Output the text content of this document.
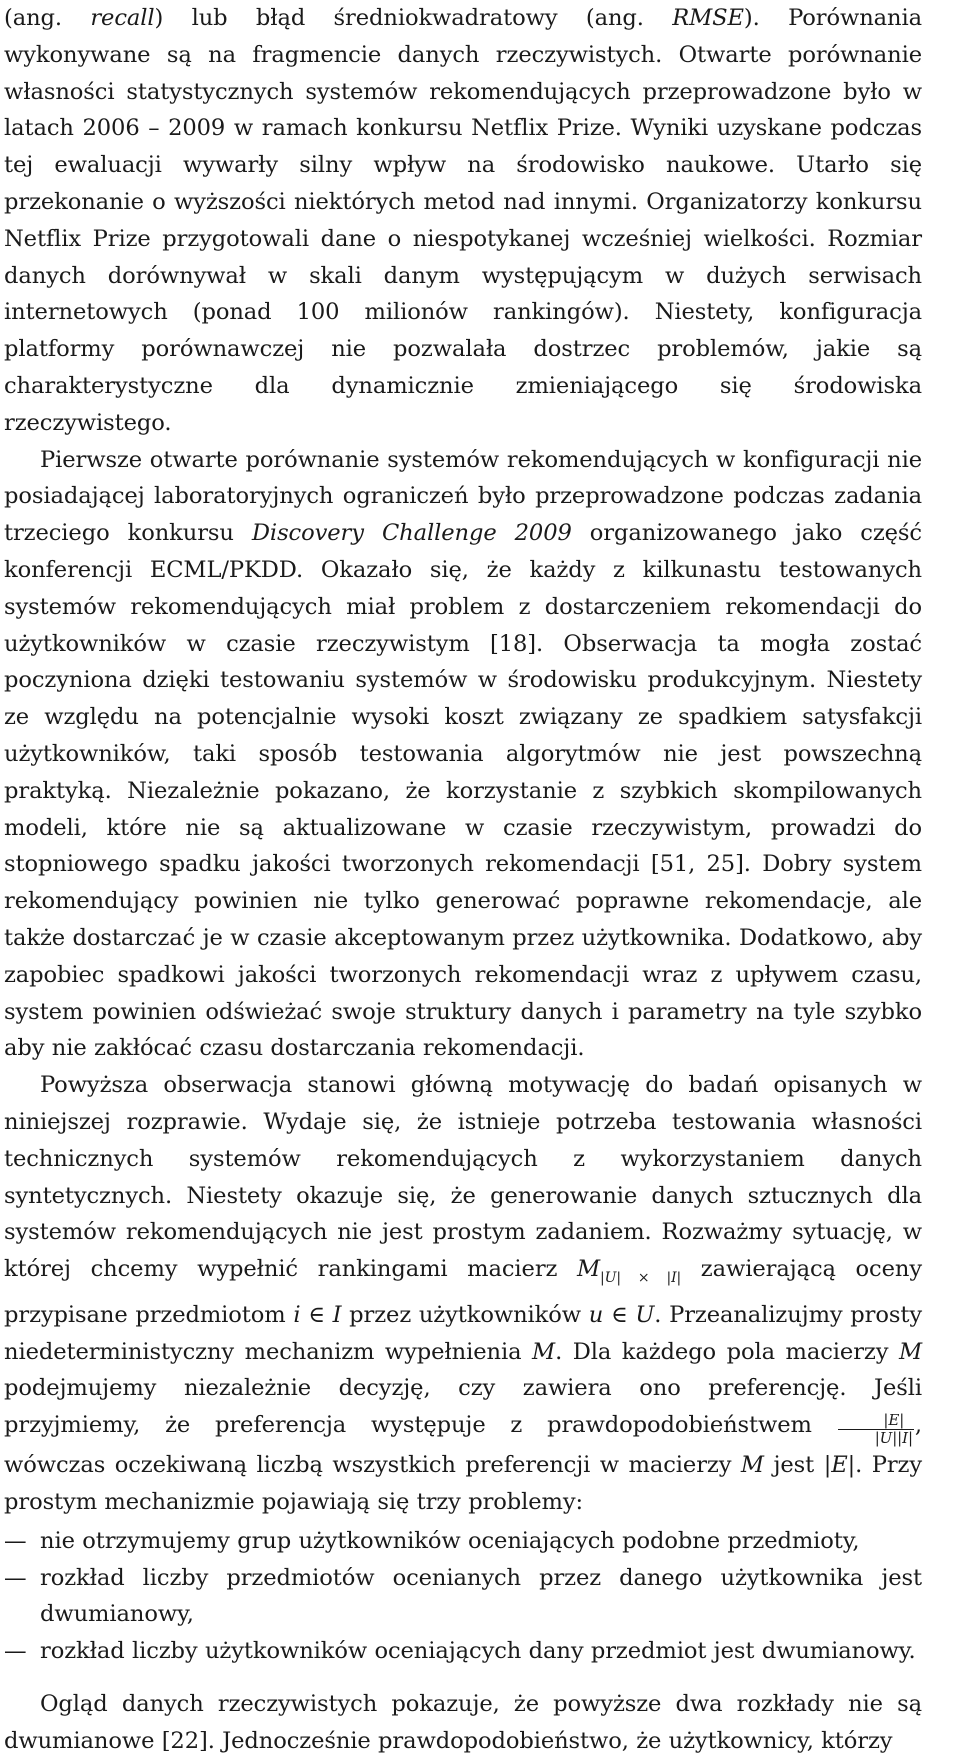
(ang. recall) lub błąd średniokwadratowy (ang. RMSE). Porównania wykonywane są na fragmencie danych rzeczywistych. Otwarte porównanie własności statystycznych systemów rekomendujących przeprowadzone było w latach 2006 – 2009 w ramach konkursu Netflix Prize. Wyniki uzyskane podczas tej ewaluacji wywarły silny wpływ na środowisko naukowe. Utarło się przekonanie o wyższości niektórych metod nad innymi. Organizatorzy konkursu Netflix Prize przygotowali dane o niespotykanej wcześniej wielkości. Rozmiar danych dorównywał w skali danym występującym w dużych serwisach internetowych (ponad 100 milionów rankingów). Niestety, konfiguracja platformy porównawczej nie pozwalała dostrzec problemów, jakie są charakterystyczne dla dynamicznie zmieniającego się środowiska rzeczywistego.

Pierwsze otwarte porównanie systemów rekomendujących w konfiguracji nie posiadającej laboratoryjnych ograniczeń było przeprowadzone podczas zadania trzeciego konkursu Discovery Challenge 2009 organizowanego jako część konferencji ECML/PKDD. Okazało się, że każdy z kilkunastu testowanych systemów rekomendujących miał problem z dostarczeniem rekomendacji do użytkowników w czasie rzeczywistym [18]. Obserwacja ta mogła zostać poczyniona dzięki testowaniu systemów w środowisku produkcyjnym. Niestety ze względu na potencjalnie wysoki koszt związany ze spadkiem satysfakcji użytkowników, taki sposób testowania algorytmów nie jest powszechną praktyką. Niezależnie pokazano, że korzystanie z szybkich skompilowanych modeli, które nie są aktualizowane w czasie rzeczywistym, prowadzi do stopniowego spadku jakości tworzonych rekomendacji [51, 25]. Dobry system rekomendujący powinien nie tylko generować poprawne rekomendacje, ale także dostarczać je w czasie akceptowanym przez użytkownika. Dodatkowo, aby zapobiec spadkowi jakości tworzonych rekomendacji wraz z upływem czasu, system powinien odświeżać swoje struktury danych i parametry na tyle szybko aby nie zakłócać czasu dostarczania rekomendacji.

Powyższa obserwacja stanowi główną motywację do badań opisanych w niniejszej rozprawie. Wydaje się, że istnieje potrzeba testowania własności technicznych systemów rekomendujących z wykorzystaniem danych syntetycznych. Niestety okazuje się, że generowanie danych sztucznych dla systemów rekomendujących nie jest prostym zadaniem. Rozważmy sytuację, w której chcemy wypełnić rankingami macierz $M_{|U| \times |I|}$ zawierającą oceny przypisane przedmiotom i ∈ I przez użytkowników u ∈ U. Przeanalizujmy prosty niedeterministyczny mechanizm wypełnienia M. Dla każdego pola macierzy M podejmujemy niezależnie decyzję, czy zawiera ono preferencję. Jeśli przyjmiemy, że preferencja występuje z prawdopodobieństwem $\frac{|E|}{|U||I|}$ , wówczas oczekiwaną liczbą wszystkich preferencji w macierzy M jest |E|. Przy prostym mechanizmie pojawiają się trzy problemy:

— nie otrzymujemy grup użytkowników oceniających podobne przedmioty,
— rozkład liczby przedmiotów ocenianych przez danego użytkownika jest dwumianowy,
— rozkład liczby użytkowników oceniających dany przedmiot jest dwumianowy.

Ogląd danych rzeczywistych pokazuje, że powyższe dwa rozkłady nie są dwumianowe [22]. Jednocześnie prawdopodobieństwo, że użytkownicy, którzy
